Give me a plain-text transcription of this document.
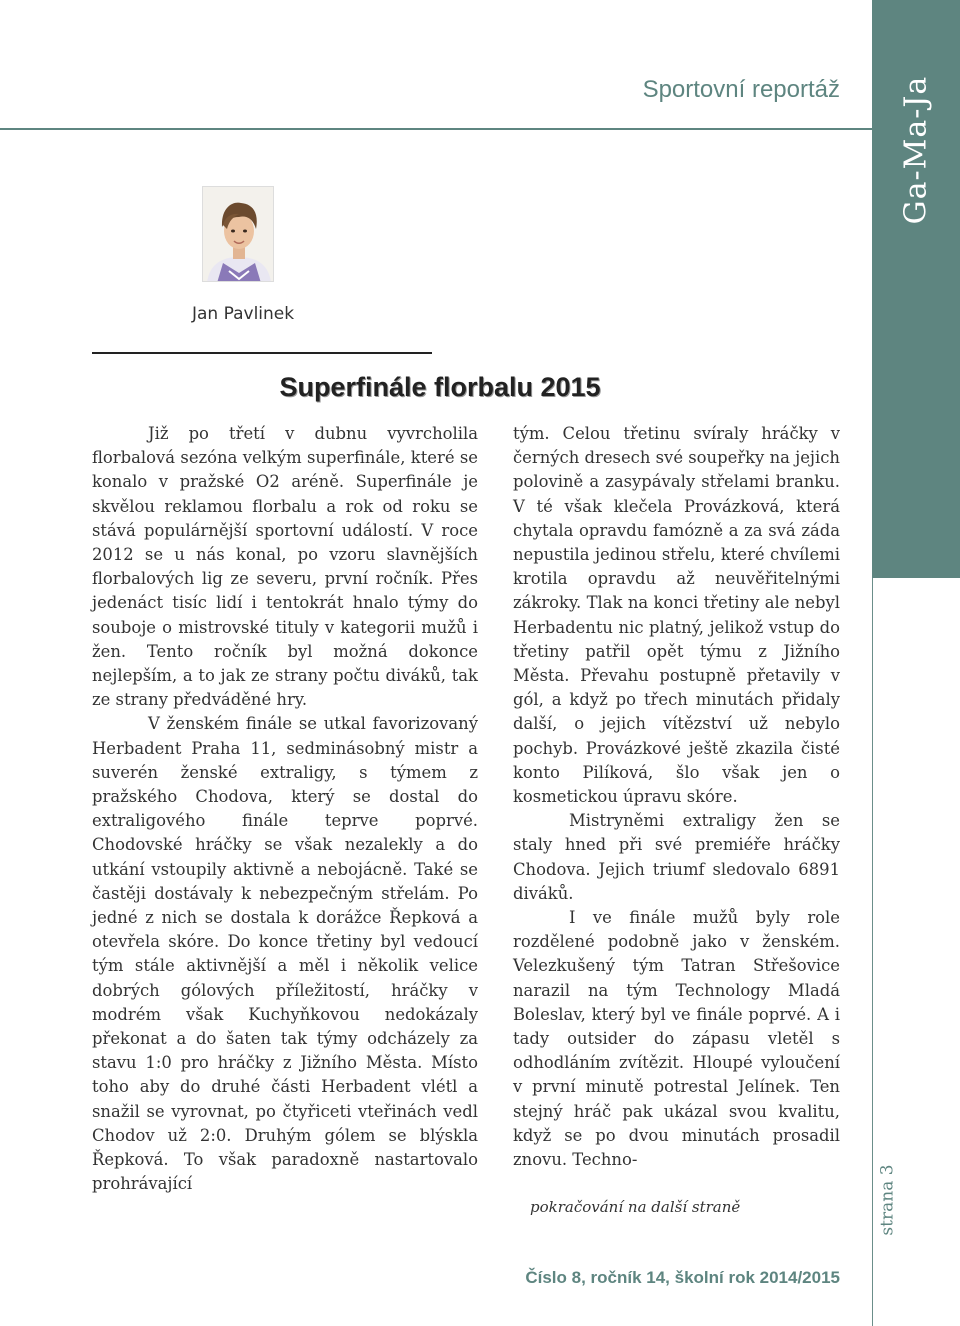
Ga-Ma-Ja
strana 3
Sportovní reportáž
Jan Pavlinek
Superfinále florbalu 2015

Již po třetí v dubnu vyvrcholila florbalová sezóna velkým superfinále, které se konalo v pražské O2 aréně. Superfinále je skvělou reklamou florbalu a rok od roku se stává populárnější sportovní událostí. V roce 2012 se u nás konal, po vzoru slavnějších florbalových lig ze severu, první ročník. Přes jedenáct tisíc lidí i tentokrát hnalo týmy do souboje o mistrovské tituly v kategorii mužů i žen. Tento ročník byl možná dokonce nejlepším, a to jak ze strany počtu diváků, tak ze strany předváděné hry.

V ženském finále se utkal favorizovaný Herbadent Praha 11, sedminásobný mistr a suverén ženské extraligy, s týmem z pražského Chodova, který se dostal do extraligového finále teprve poprvé. Chodovské hráčky se však nezalekly a do utkání vstoupily aktivně a nebojácně. Také se častěji dostávaly k nebezpečným střelám. Po jedné z nich se dostala k dorážce Řepková a otevřela skóre. Do konce třetiny byl vedoucí tým stále aktivnější a měl i několik velice dobrých gólových příležitostí, hráčky v modrém však Kuchyňkovou nedokázaly překonat a do šaten tak týmy odcházely za stavu 1:0 pro hráčky z Jižního Města. Místo toho aby do druhé části Herbadent vlétl a snažil se vyrovnat, po čtyřiceti vteřinách vedl Chodov už 2:0. Druhým gólem se blýskla Řepková. To však paradoxně nastartovalo prohrávající

tým. Celou třetinu svíraly hráčky v černých dresech své soupeřky na jejich polovině a zasypávaly střelami branku. V té však klečela Provázková, která chytala opravdu famózně a za svá záda nepustila jedinou střelu, které chvílemi krotila opravdu až neuvěřitelnými zákroky. Tlak na konci třetiny ale nebyl Herbadentu nic platný, jelikož vstup do třetiny patřil opět týmu z Jižního Města. Převahu postupně přetavily v gól, a když po třech minutách přidaly další, o jejich vítězství už nebylo pochyb. Provázkové ještě zkazila čisté konto Pilíková, šlo však jen o kosmetickou úpravu skóre.

Mistryněmi extraligy žen se staly hned při své premiéře hráčky Chodova. Jejich triumf sledovalo 6891 diváků.

I ve finále mužů byly role rozdělené podobně jako v ženském. Velezkušený tým Tatran Střešovice narazil na tým Technology Mladá Boleslav, který byl ve finále poprvé. A i tady outsider do zápasu vletěl s odhodláním zvítězit. Hloupé vyloučení v první minutě potrestal Jelínek. Ten stejný hráč pak ukázal svou kvalitu, když se po dvou minutách prosadil znovu. Techno-

pokračování na další straně
Číslo 8, ročník 14, školní rok 2014/2015
